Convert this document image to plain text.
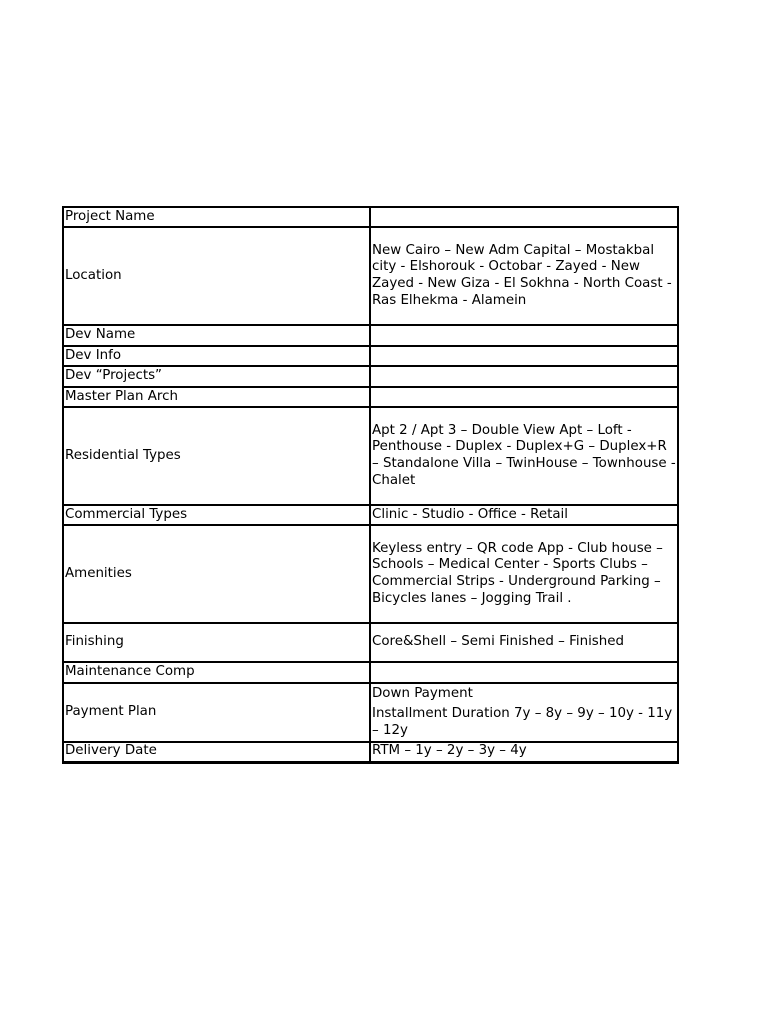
Project Name	
Location	New Cairo – New Adm Capital – Mostakbal city - Elshorouk - Octobar - Zayed - New Zayed - New Giza - El Sokhna - North Coast - Ras Elhekma - Alamein

Dev Name	
Dev Info	
Dev “Projects”	
Master Plan Arch	
Residential Types	Apt 2 / Apt 3 – Double View Apt – Loft - Penthouse - Duplex - Duplex+G – Duplex+R – Standalone Villa – TwinHouse – Townhouse - Chalet

Commercial Types	Clinic - Studio - Office - Retail

Amenities	Keyless entry – QR code App - Club house – Schools – Medical Center - Sports Clubs – Commercial Strips - Underground Parking – Bicycles lanes – Jogging Trail .

Finishing	Core&Shell – Semi Finished – Finished

Maintenance Comp	
Payment Plan	Down Payment
Installment Duration 7y – 8y – 9y – 10y - 11y – 12y

Delivery Date	RTM – 1y – 2y – 3y – 4y
